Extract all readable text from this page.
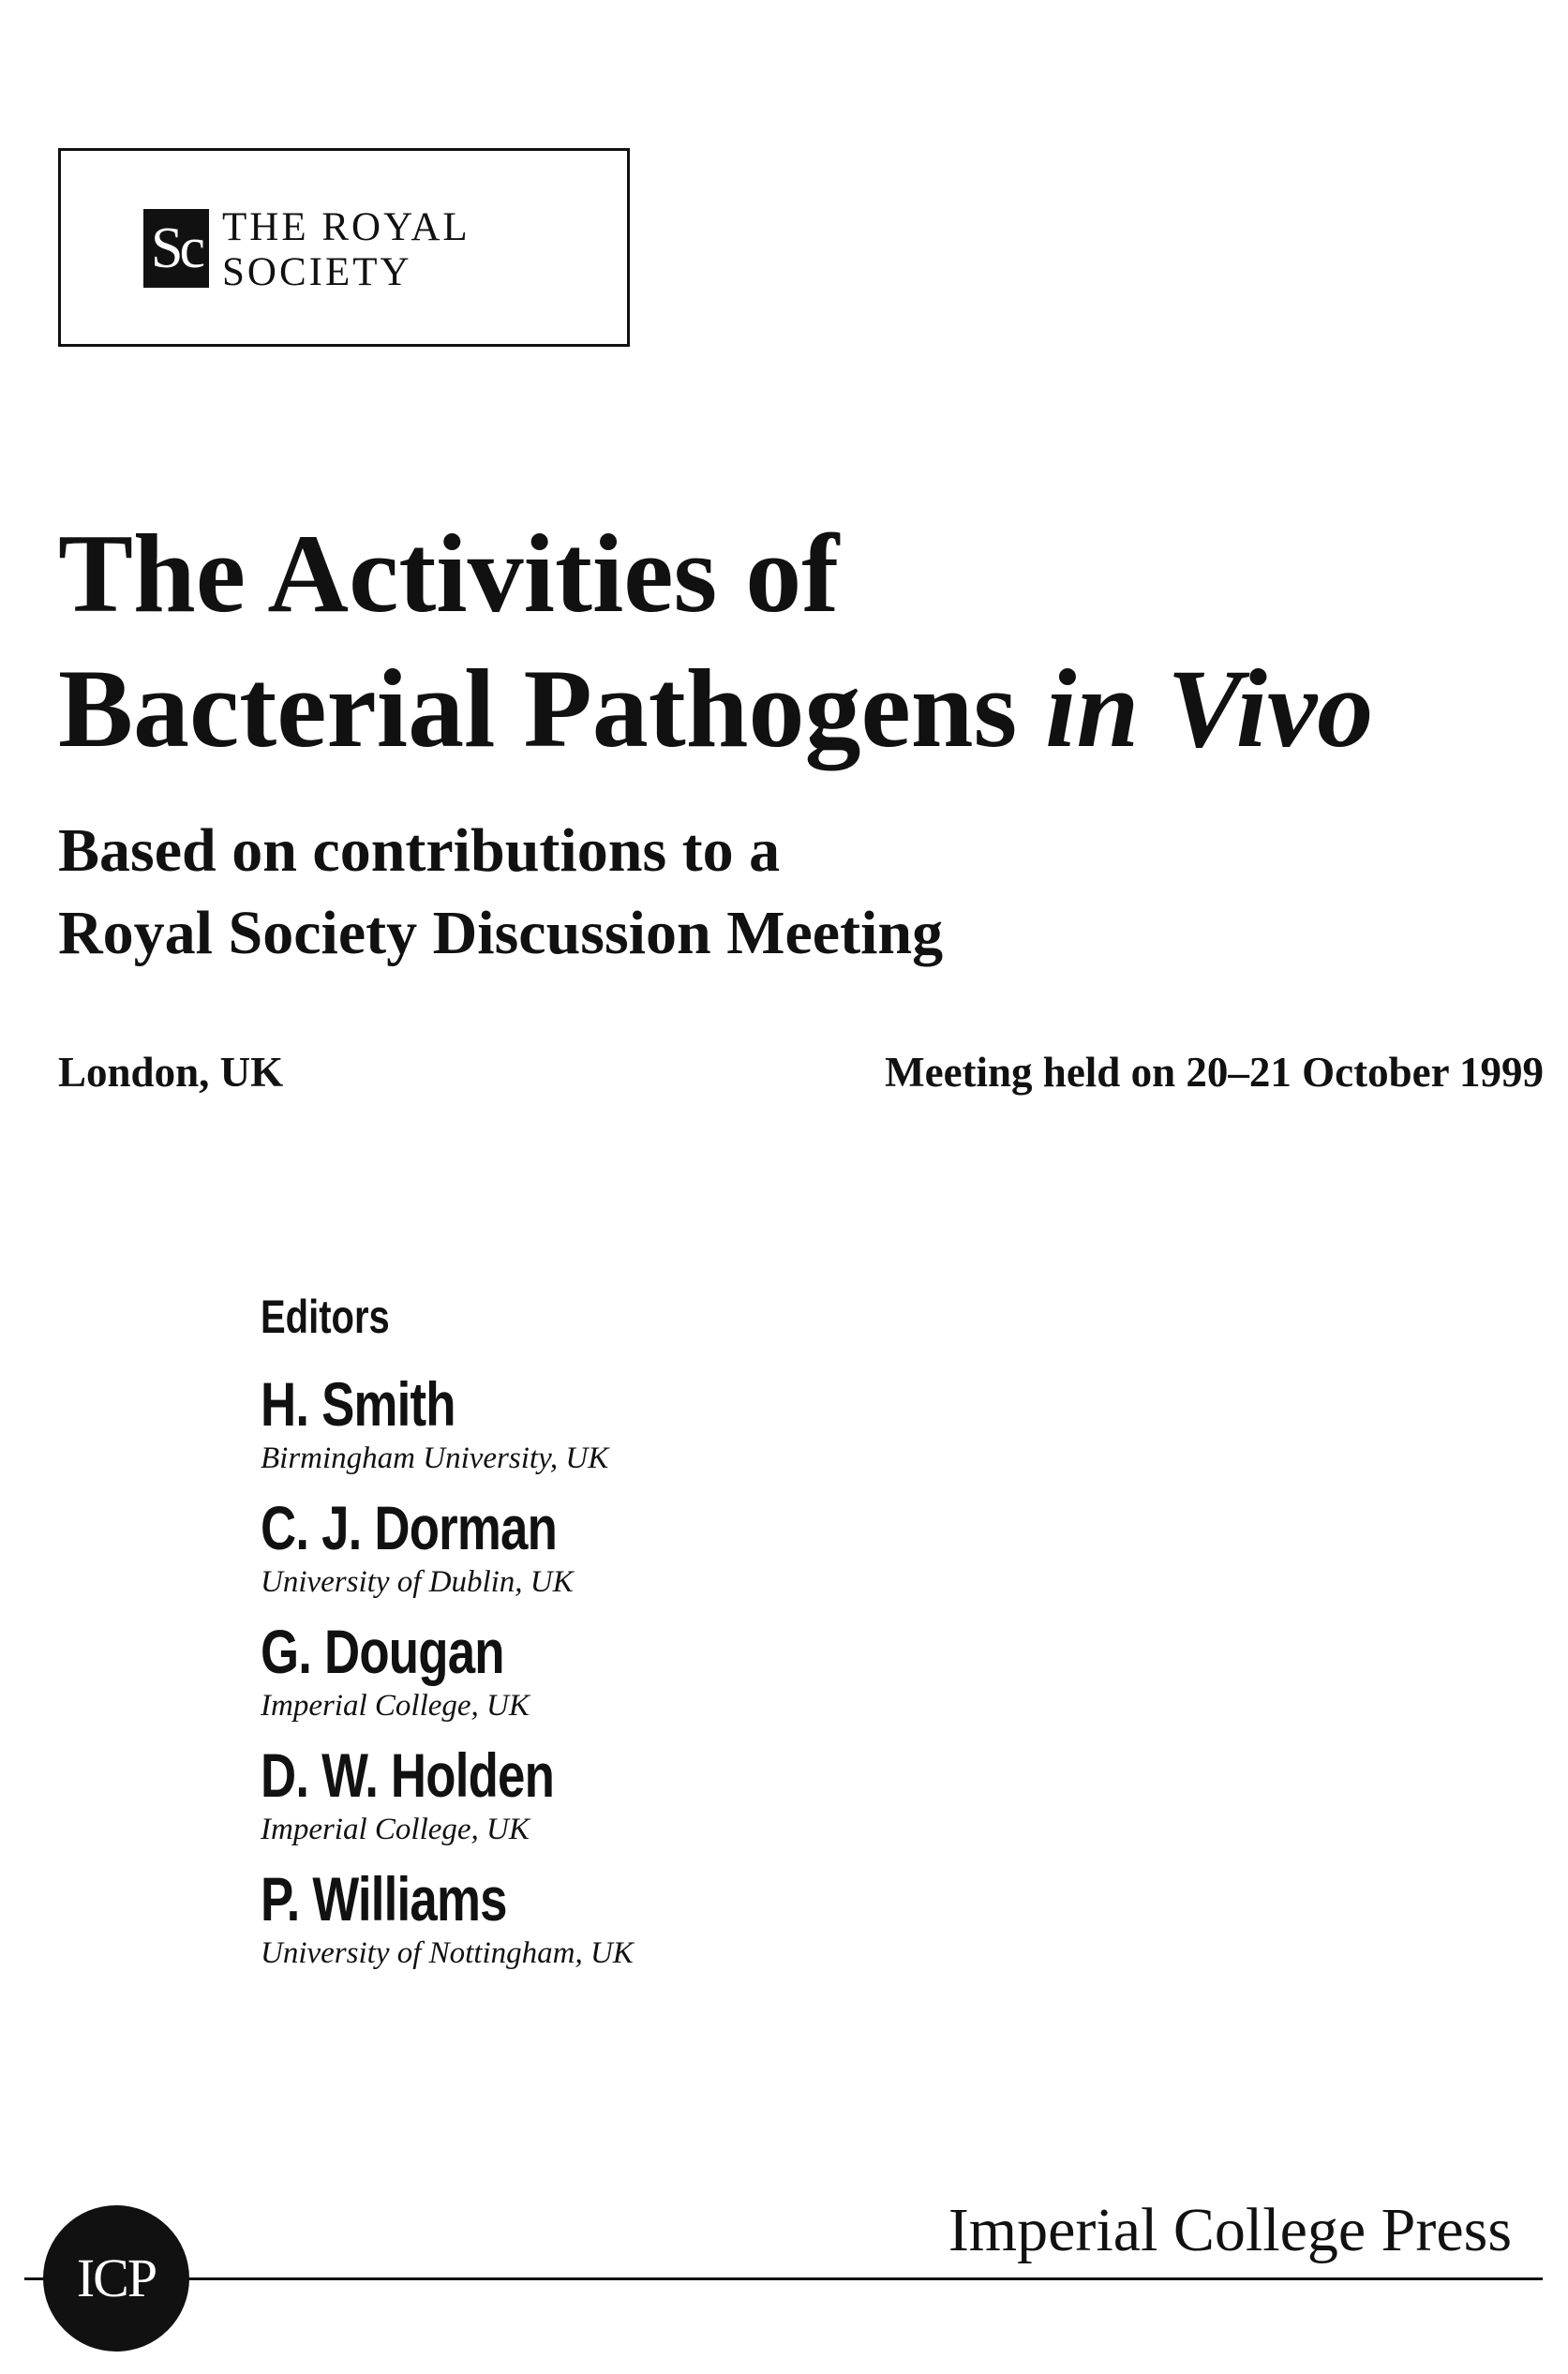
Sc THE ROYAL
SOCIETY
The Activities of
Bacterial Pathogens in Vivo
Based on contributions to a
Royal Society Discussion Meeting
London, UK	Meeting held on 20–21 October 1999
Editors
H. Smith
Birmingham University, UK
C. J. Dorman
University of Dublin, UK
G. Dougan
Imperial College, UK
D. W. Holden
Imperial College, UK
P. Williams
University of Nottingham, UK
ICP
Imperial College Press
